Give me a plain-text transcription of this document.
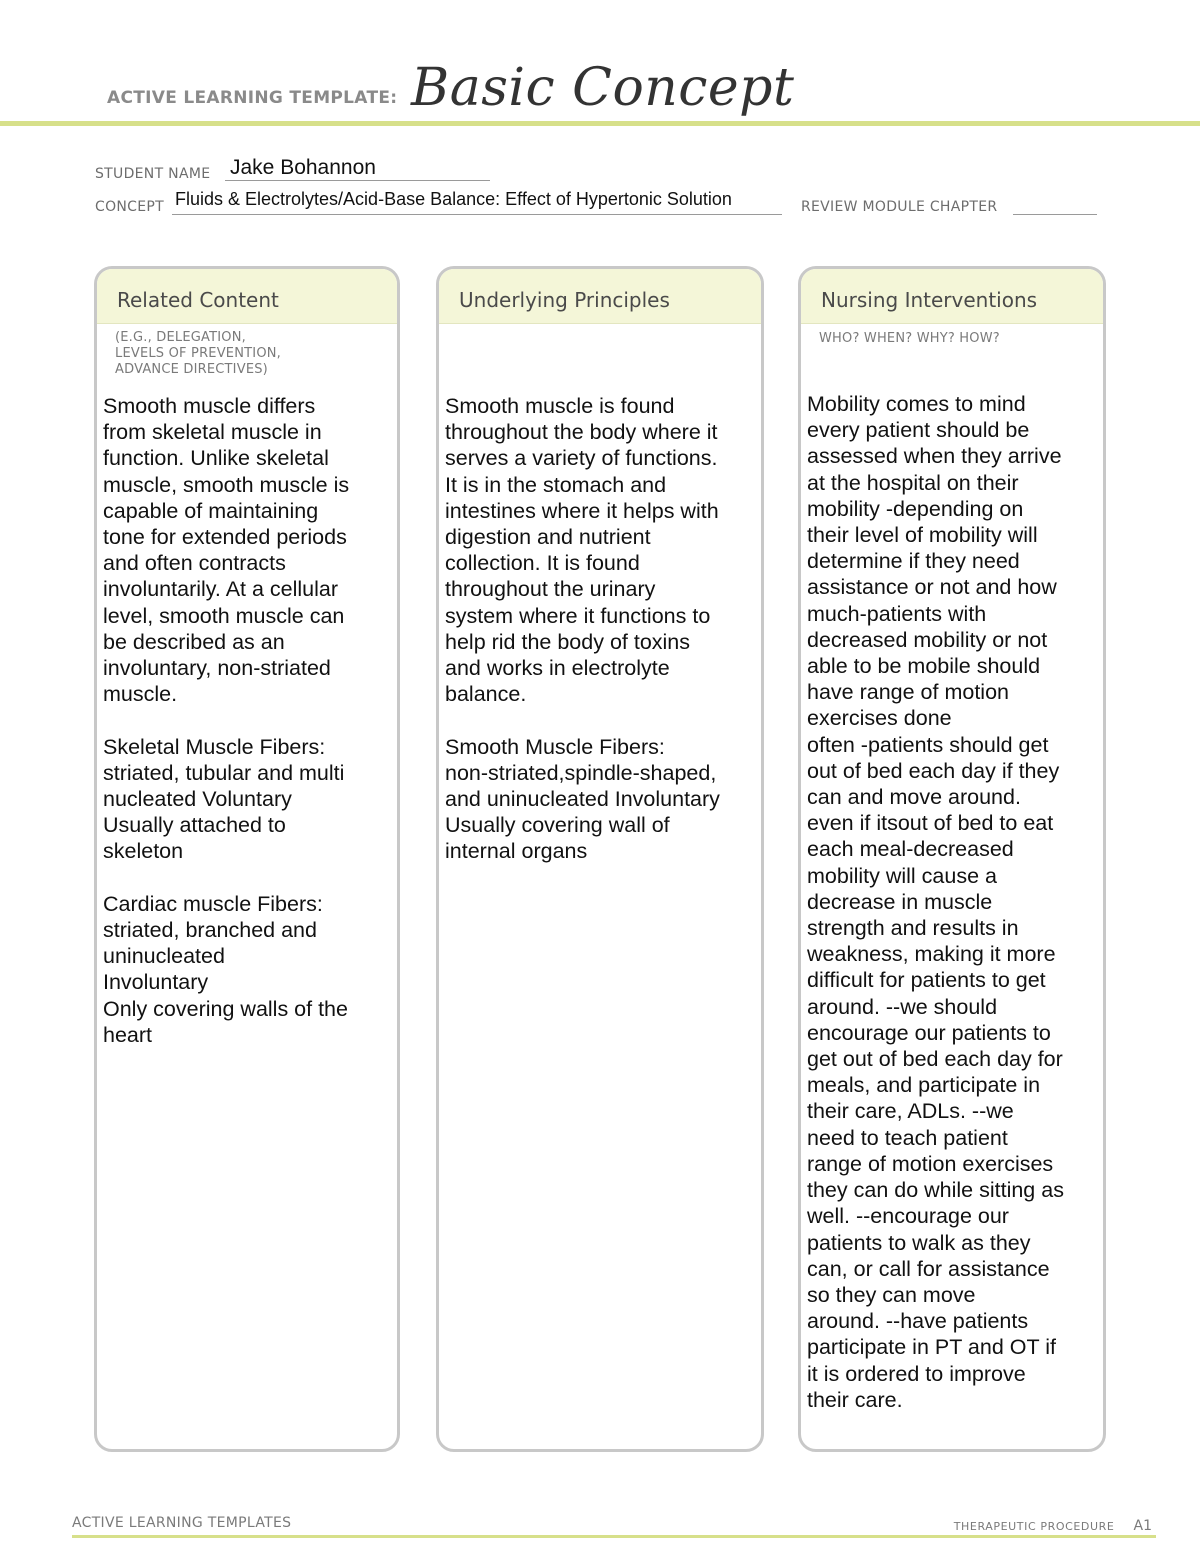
ACTIVE LEARNING TEMPLATE: Basic Concept
STUDENT NAME Jake Bohannon
CONCEPT Fluids & Electrolytes/Acid-Base Balance: Effect of Hypertonic Solution	REVIEW MODULE CHAPTER
Related Content
(E.G., DELEGATION,
LEVELS OF PREVENTION,
ADVANCE DIRECTIVES)
Smooth muscle differs
from skeletal muscle in
function. Unlike skeletal
muscle, smooth muscle is
capable of maintaining
tone for extended periods
and often contracts
involuntarily. At a cellular
level, smooth muscle can
be described as an
involuntary, non-striated
muscle.

Skeletal Muscle Fibers:
striated, tubular and multi
nucleated Voluntary
Usually attached to
skeleton

Cardiac muscle Fibers:
striated, branched and
uninucleated
Involuntary
Only covering walls of the
heart
Underlying Principles
Smooth muscle is found
throughout the body where it
serves a variety of functions.
It is in the stomach and
intestines where it helps with
digestion and nutrient
collection. It is found
throughout the urinary
system where it functions to
help rid the body of toxins
and works in electrolyte
balance.

Smooth Muscle Fibers:
non-striated,spindle-shaped,
and uninucleated Involuntary
Usually covering wall of
internal organs
Nursing Interventions
WHO? WHEN? WHY? HOW?
Mobility comes to mind
every patient should be
assessed when they arrive
at the hospital on their
mobility -depending on
their level of mobility will
determine if they need
assistance or not and how
much-patients with
decreased mobility or not
able to be mobile should
have range of motion
exercises done
often -patients should get
out of bed each day if they
can and move around.
even if itsout of bed to eat
each meal-decreased
mobility will cause a
decrease in muscle
strength and results in
weakness, making it more
difficult for patients to get
around. --we should
encourage our patients to
get out of bed each day for
meals, and participate in
their care, ADLs. --we
need to teach patient
range of motion exercises
they can do while sitting as
well. --encourage our
patients to walk as they
can, or call for assistance
so they can move
around. --have patients
participate in PT and OT if
it is ordered to improve
their care.
ACTIVE LEARNING TEMPLATES	THERAPEUTIC PROCEDURE A1
